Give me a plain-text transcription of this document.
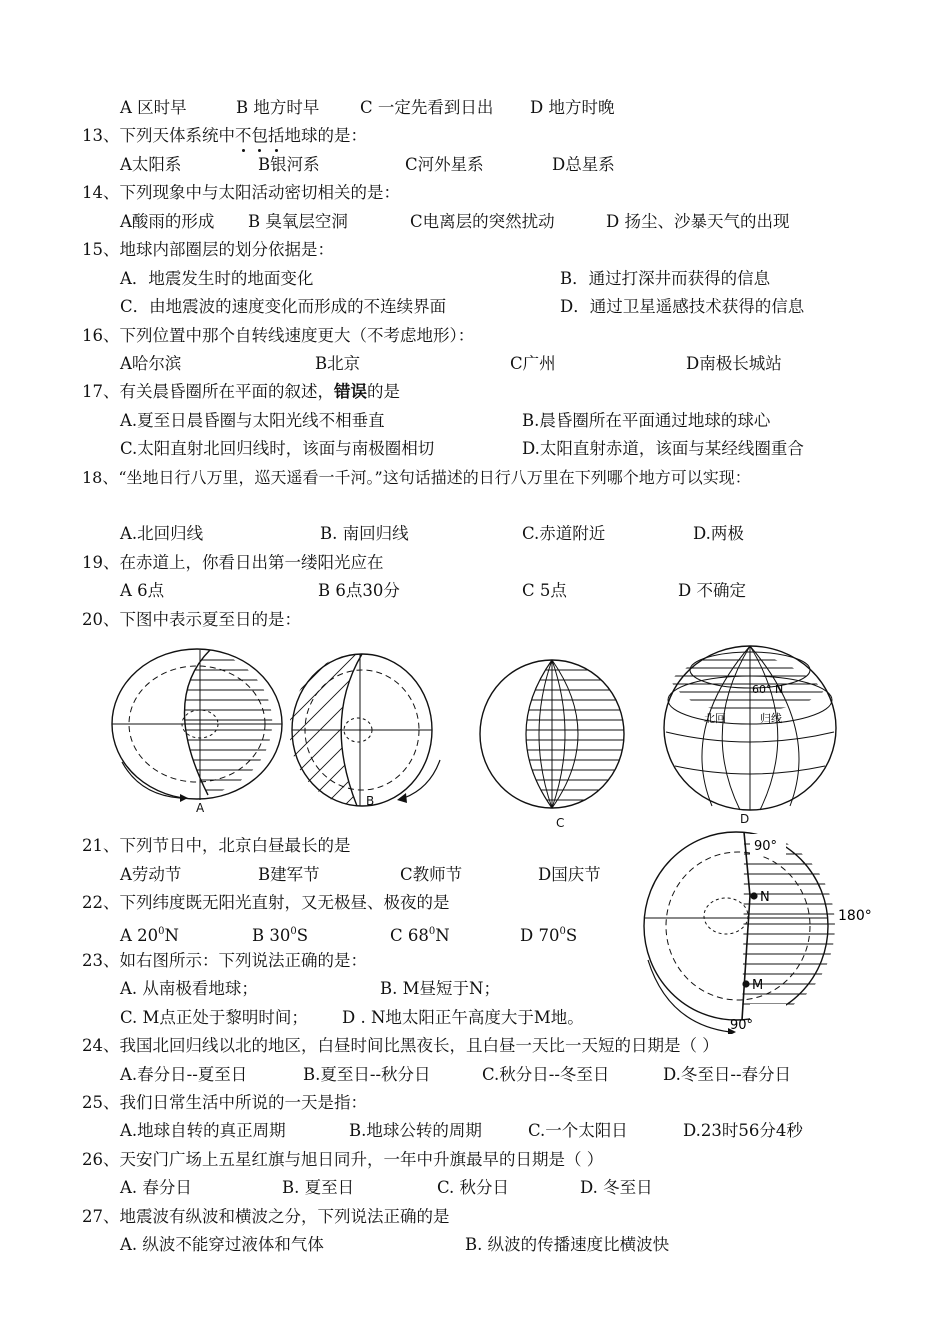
A 区时早	B 地方时早 C 一定先看到日出 D 地方时晚
13、下列天体系统中不包括地球的是：
A太阳系	B银河系	C河外星系	D总星系
14、下列现象中与太阳活动密切相关的是：
A酸雨的形成 B 臭氧层空洞	C电离层的突然扰动	D 扬尘、沙暴天气的出现
15、地球内部圈层的划分依据是：
A．地震发生时的地面变化	B．通过打深井而获得的信息
C．由地震波的速度变化而形成的不连续界面	D．通过卫星遥感技术获得的信息
16、下列位置中那个自转线速度更大（不考虑地形）：
A哈尔滨	B北京	C广州	D南极长城站
17、有关晨昏圈所在平面的叙述，错误的是
A.夏至日晨昏圈与太阳光线不相垂直	B.晨昏圈所在平面通过地球的球心
C.太阳直射北回归线时，该面与南极圈相切	D.太阳直射赤道，该面与某经线圈重合
18、“坐地日行八万里，巡天遥看一千河。”这句话描述的日行八万里在下列哪个地方可以实现：
A.北回归线	B. 南回归线	C.赤道附近	D.两极
19、在赤道上，你看日出第一缕阳光应在
A 6点	B 6点30分	C 5点	D 不确定
20、下图中表示夏至日的是：
60° N
北回	归线
A	B
C	D
21、下列节日中，北京白昼最长的是
A劳动节	B建军节	C教师节	D国庆节
22、下列纬度既无阳光直射，又无极昼、极夜的是
A $20^0N$	B $30^0S$	C $68^0N$	D $70^0S$
23、如右图所示：下列说法正确的是：
A. 从南极看地球；	B. M昼短于N；
C. M点正处于黎明时间； D . N地太阳正午高度大于M地。
90°
90°
180°
N
M
24、我国北回归线以北的地区，白昼时间比黑夜长，且白昼一天比一天短的日期是（ ）
A.春分日--夏至日	B.夏至日--秋分日	C.秋分日--冬至日	D.冬至日--春分日
25、我们日常生活中所说的一天是指：
A.地球自转的真正周期	B.地球公转的周期	C.一个太阳日	D.23时56分4秒
26、天安门广场上五星红旗与旭日同升，一年中升旗最早的日期是（ ）
A. 春分日	B. 夏至日	C. 秋分日	D. 冬至日
27、地震波有纵波和横波之分，下列说法正确的是
A. 纵波不能穿过液体和气体	B. 纵波的传播速度比横波快
